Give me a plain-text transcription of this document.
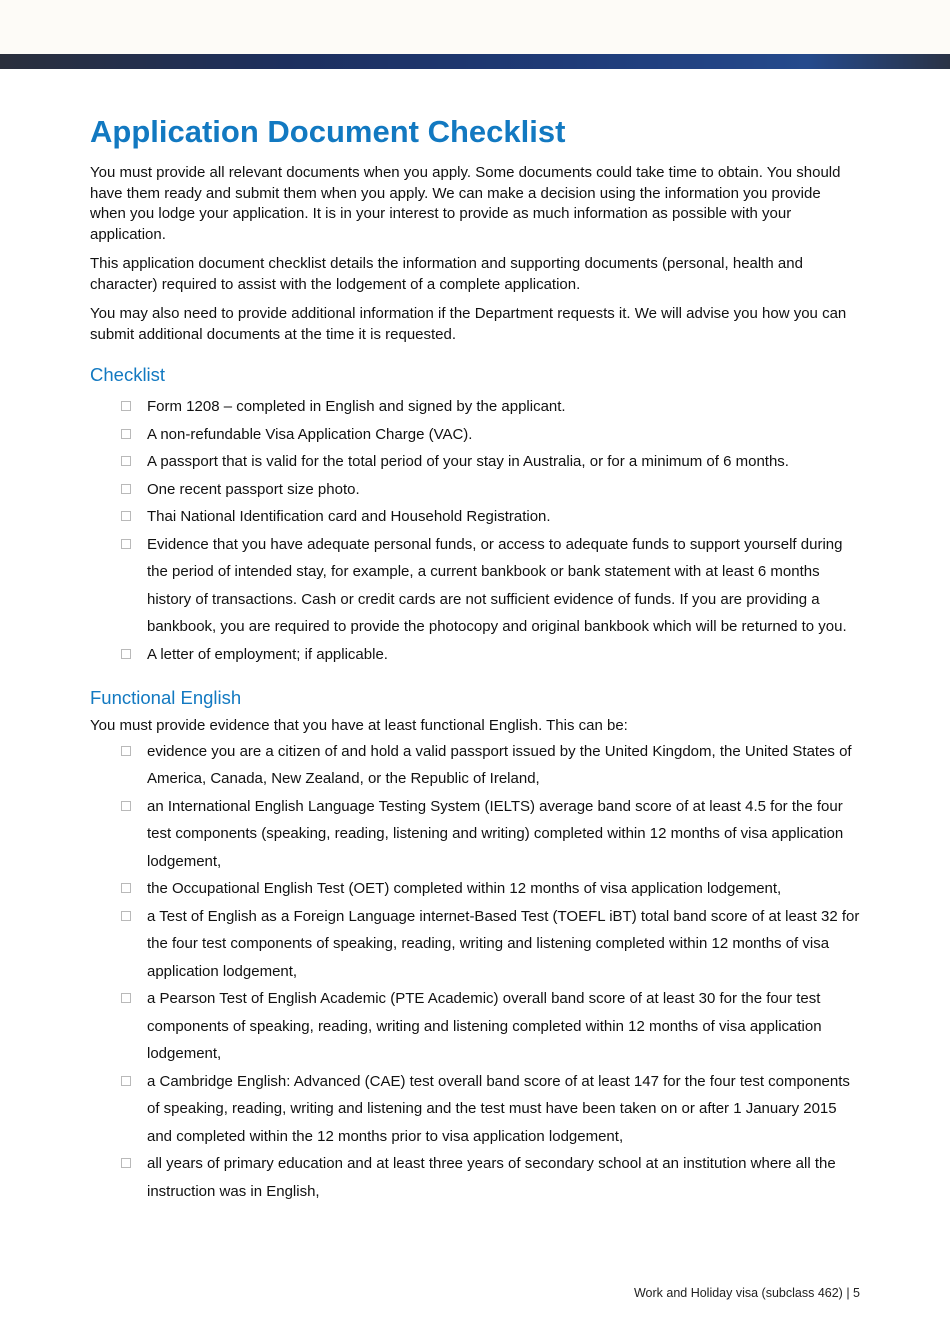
Application Document Checklist

You must provide all relevant documents when you apply. Some documents could take time to obtain. You should have them ready and submit them when you apply. We can make a decision using the information you provide when you lodge your application. It is in your interest to provide as much information as possible with your application.

This application document checklist details the information and supporting documents (personal, health and character) required to assist with the lodgement of a complete application.

You may also need to provide additional information if the Department requests it. We will advise you how you can submit additional documents at the time it is requested.

Checklist
Form 1208 – completed in English and signed by the applicant.
A non-refundable Visa Application Charge (VAC).
A passport that is valid for the total period of your stay in Australia, or for a minimum of 6 months.
One recent passport size photo.
Thai National Identification card and Household Registration.
Evidence that you have adequate personal funds, or access to adequate funds to support yourself during the period of intended stay, for example, a current bankbook or bank statement with at least 6 months history of transactions. Cash or credit cards are not sufficient evidence of funds. If you are providing a bankbook, you are required to provide the photocopy and original bankbook which will be returned to you.
A letter of employment; if applicable.
Functional English

You must provide evidence that you have at least functional English. This can be:

evidence you are a citizen of and hold a valid passport issued by the United Kingdom, the United States of America, Canada, New Zealand, or the Republic of Ireland,
an International English Language Testing System (IELTS) average band score of at least 4.5 for the four test components (speaking, reading, listening and writing) completed within 12 months of visa application lodgement,
the Occupational English Test (OET) completed within 12 months of visa application lodgement,
a Test of English as a Foreign Language internet-Based Test (TOEFL iBT) total band score of at least 32 for the four test components of speaking, reading, writing and listening completed within 12 months of visa application lodgement,
a Pearson Test of English Academic (PTE Academic) overall band score of at least 30 for the four test components of speaking, reading, writing and listening completed within 12 months of visa application lodgement,
a Cambridge English: Advanced (CAE) test overall band score of at least 147 for the four test components of speaking, reading, writing and listening and the test must have been taken on or after 1 January 2015 and completed within the 12 months prior to visa application lodgement,
all years of primary education and at least three years of secondary school at an institution where all the instruction was in English,
Work and Holiday visa (subclass 462) | 5
